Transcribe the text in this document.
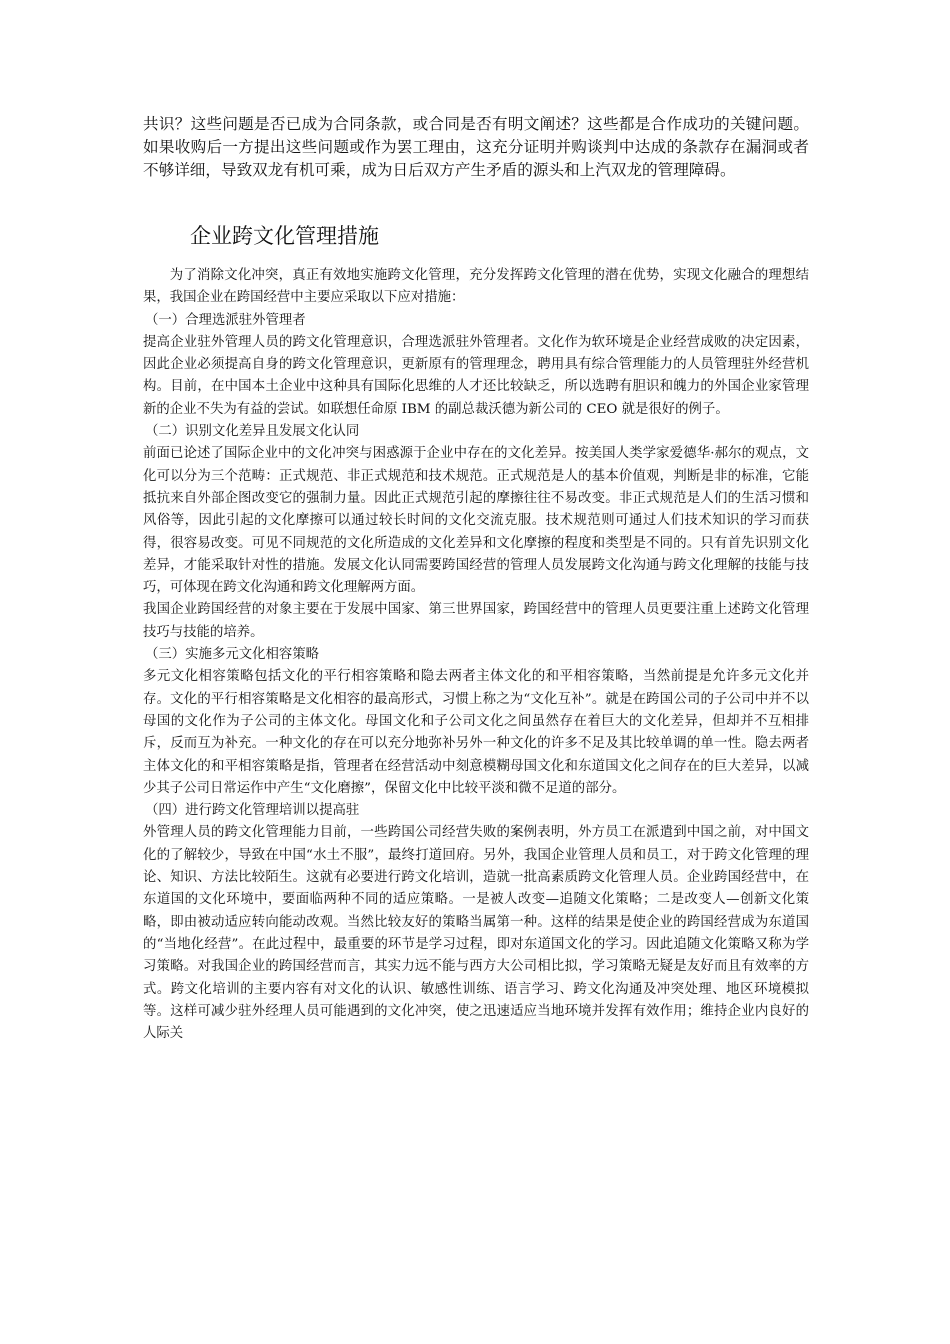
共识？这些问题是否已成为合同条款，或合同是否有明文阐述？这些都是合作成功的关键问题。如果收购后一方提出这些问题或作为罢工理由，这充分证明并购谈判中达成的条款存在漏洞或者不够详细，导致双龙有机可乘，成为日后双方产生矛盾的源头和上汽双龙的管理障碍。

企业跨文化管理措施

为了消除文化冲突，真正有效地实施跨文化管理，充分发挥跨文化管理的潜在优势，实现文化融合的理想结果，我国企业在跨国经营中主要应采取以下应对措施：

（一）合理选派驻外管理者

提高企业驻外管理人员的跨文化管理意识，合理选派驻外管理者。文化作为软环境是企业经营成败的决定因素，因此企业必须提高自身的跨文化管理意识，更新原有的管理理念，聘用具有综合管理能力的人员管理驻外经营机构。目前，在中国本土企业中这种具有国际化思维的人才还比较缺乏，所以选聘有胆识和魄力的外国企业家管理新的企业不失为有益的尝试。如联想任命原 IBM 的副总裁沃德为新公司的 CEO 就是很好的例子。

（二）识别文化差异且发展文化认同

前面已论述了国际企业中的文化冲突与困惑源于企业中存在的文化差异。按美国人类学家爱德华·郝尔的观点，文化可以分为三个范畴：正式规范、非正式规范和技术规范。正式规范是人的基本价值观，判断是非的标准，它能抵抗来自外部企图改变它的强制力量。因此正式规范引起的摩擦往往不易改变。非正式规范是人们的生活习惯和风俗等，因此引起的文化摩擦可以通过较长时间的文化交流克服。技术规范则可通过人们技术知识的学习而获得，很容易改变。可见不同规范的文化所造成的文化差异和文化摩擦的程度和类型是不同的。只有首先识别文化差异，才能采取针对性的措施。发展文化认同需要跨国经营的管理人员发展跨文化沟通与跨文化理解的技能与技巧，可体现在跨文化沟通和跨文化理解两方面。

我国企业跨国经营的对象主要在于发展中国家、第三世界国家，跨国经营中的管理人员更要注重上述跨文化管理技巧与技能的培养。

（三）实施多元文化相容策略

多元文化相容策略包括文化的平行相容策略和隐去两者主体文化的和平相容策略，当然前提是允许多元文化并存。文化的平行相容策略是文化相容的最高形式，习惯上称之为“文化互补”。就是在跨国公司的子公司中并不以母国的文化作为子公司的主体文化。母国文化和子公司文化之间虽然存在着巨大的文化差异，但却并不互相排斥，反而互为补充。一种文化的存在可以充分地弥补另外一种文化的许多不足及其比较单调的单一性。隐去两者主体文化的和平相容策略是指，管理者在经营活动中刻意模糊母国文化和东道国文化之间存在的巨大差异，以减少其子公司日常运作中产生“文化磨擦”，保留文化中比较平淡和微不足道的部分。

（四）进行跨文化管理培训以提高驻

外管理人员的跨文化管理能力目前，一些跨国公司经营失败的案例表明，外方员工在派遣到中国之前，对中国文化的了解较少，导致在中国“水土不服”，最终打道回府。另外，我国企业管理人员和员工，对于跨文化管理的理论、知识、方法比较陌生。这就有必要进行跨文化培训，造就一批高素质跨文化管理人员。企业跨国经营中，在东道国的文化环境中，要面临两种不同的适应策略。一是被人改变—追随文化策略；二是改变人—创新文化策略，即由被动适应转向能动改观。当然比较友好的策略当属第一种。这样的结果是使企业的跨国经营成为东道国的“当地化经营”。在此过程中，最重要的环节是学习过程，即对东道国文化的学习。因此追随文化策略又称为学习策略。对我国企业的跨国经营而言，其实力远不能与西方大公司相比拟，学习策略无疑是友好而且有效率的方式。跨文化培训的主要内容有对文化的认识、敏感性训练、语言学习、跨文化沟通及冲突处理、地区环境模拟等。这样可减少驻外经理人员可能遇到的文化冲突，使之迅速适应当地环境并发挥有效作用；维持企业内良好的人际关
